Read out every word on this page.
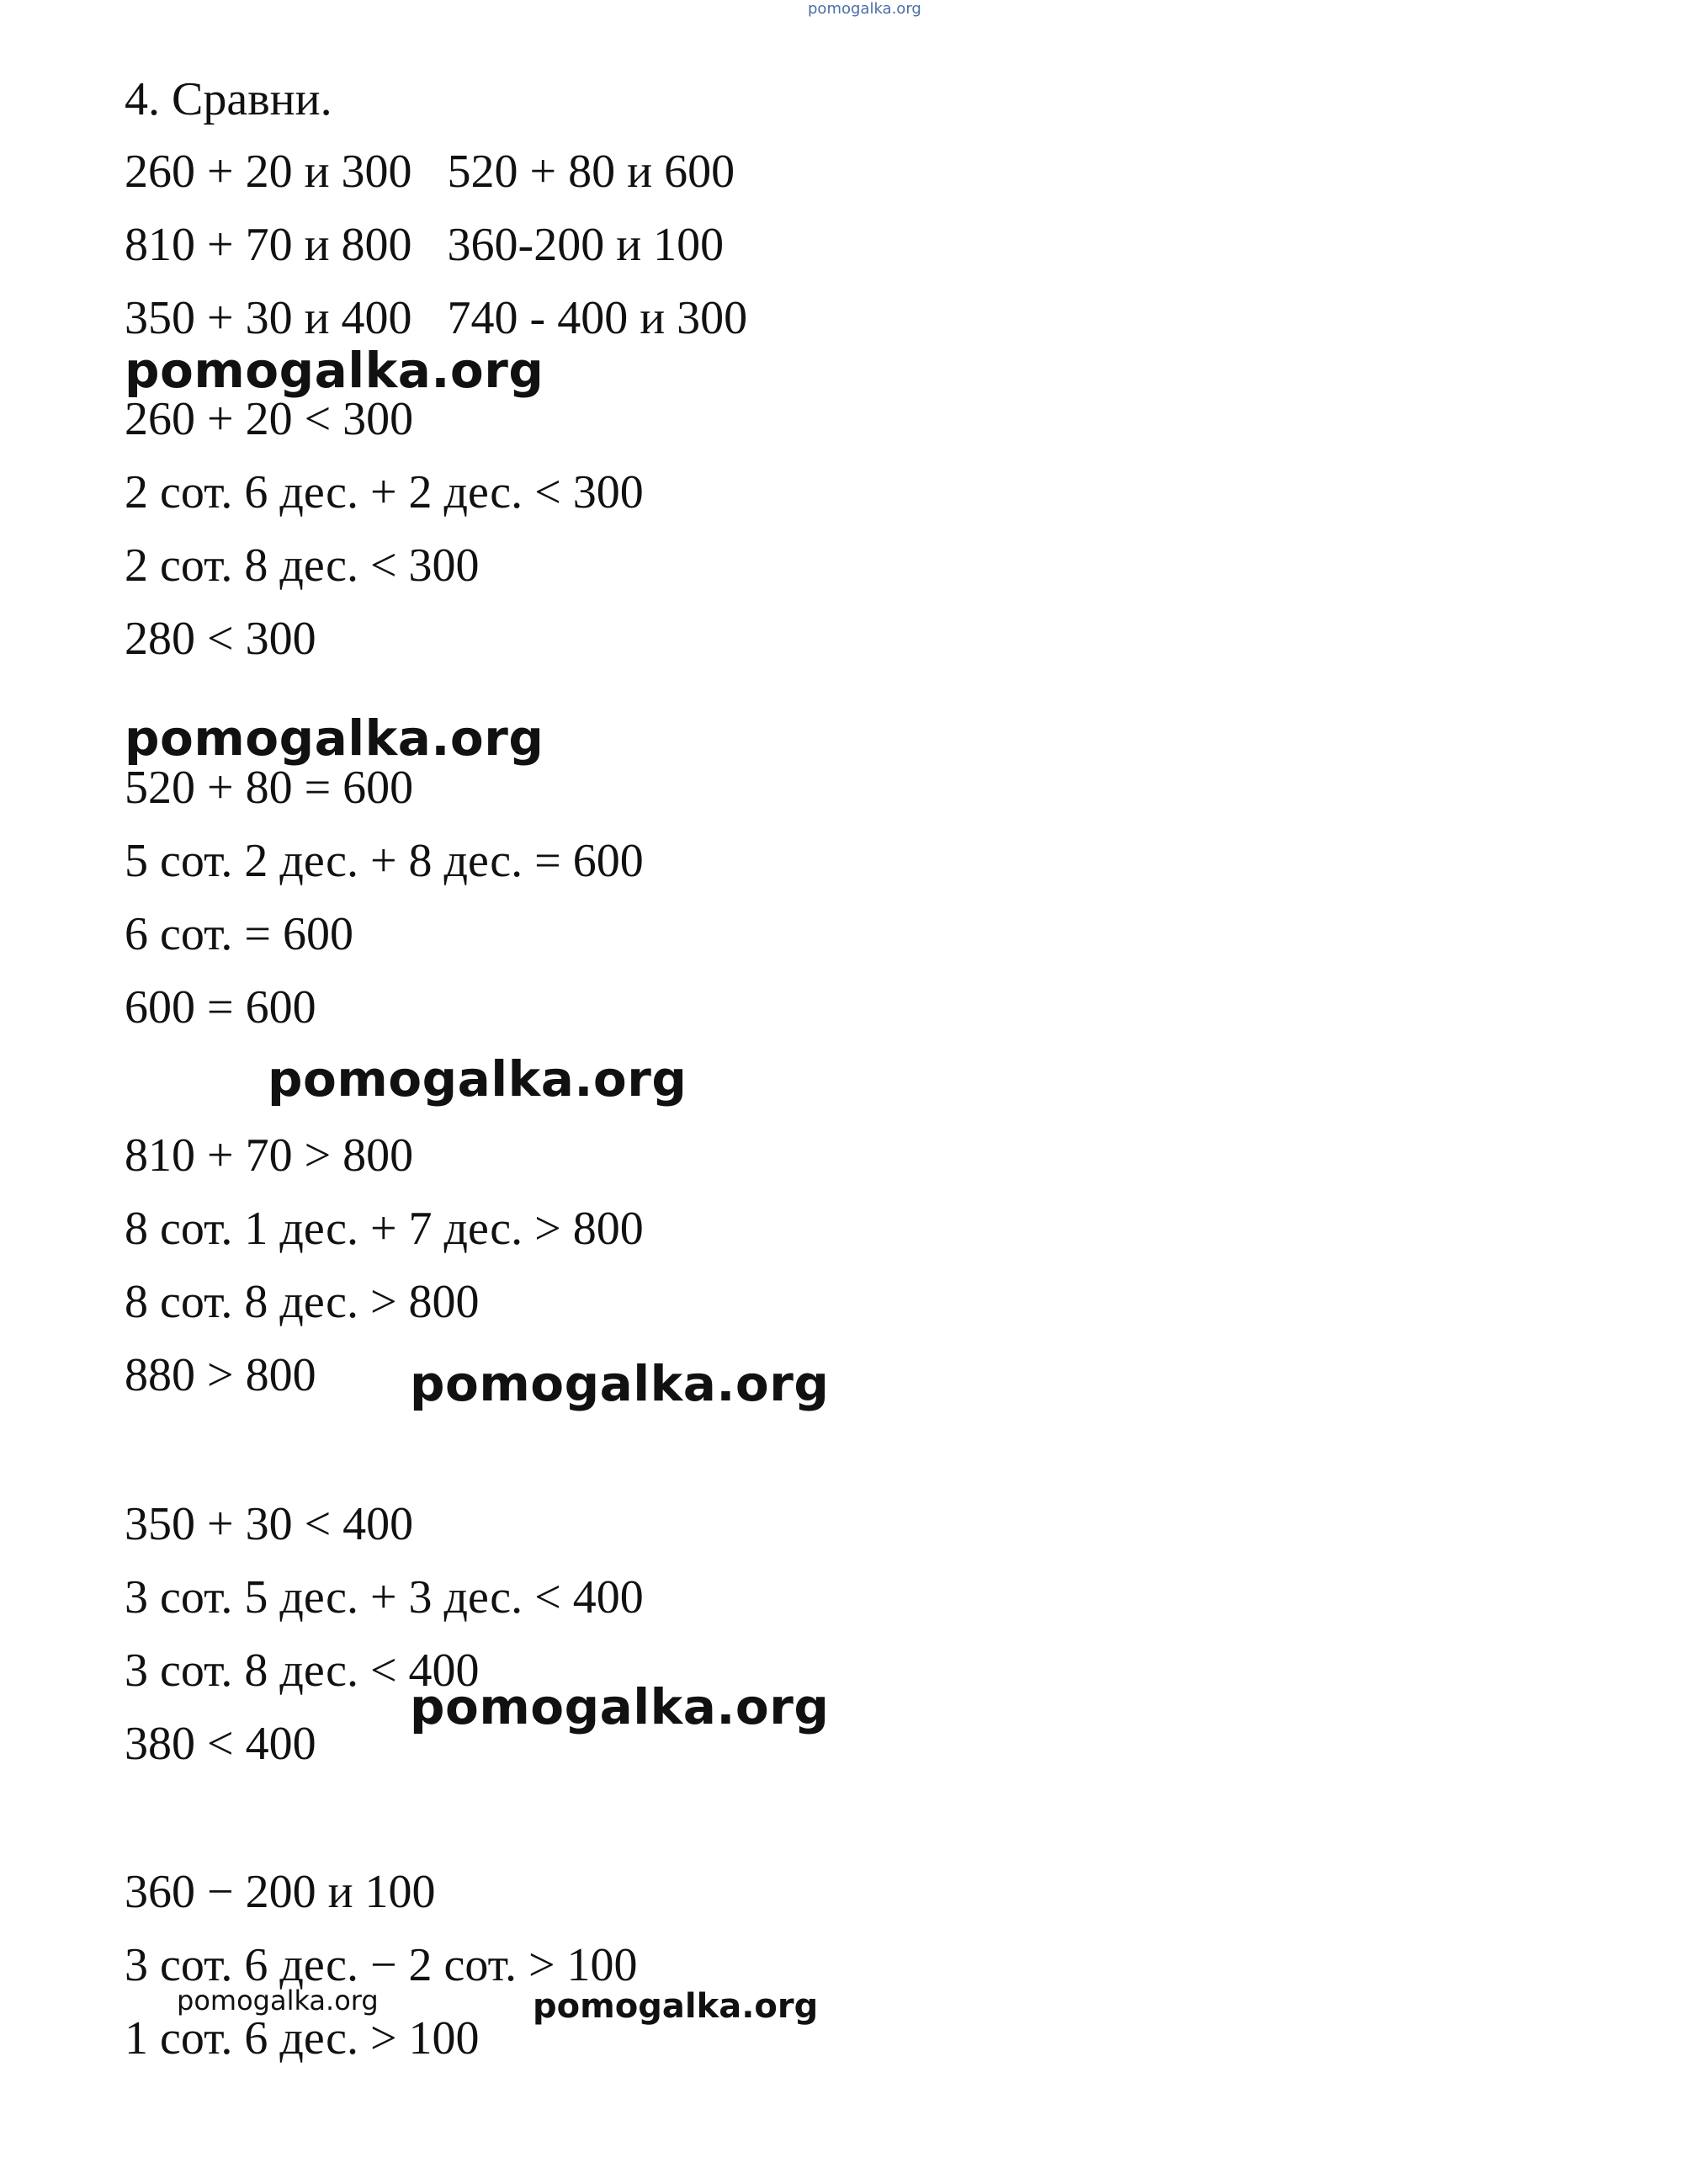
pomogalka.org
4. Сравни.
260 + 20 и 300   520 + 80 и 600
810 + 70 и 800   360-200 и 100
350 + 30 и 400   740 - 400 и 300
pomogalka.org
260 + 20 < 300
2 сот. 6 дес. + 2 дес. < 300
2 сот. 8 дес. < 300
280 < 300
pomogalka.org
520 + 80 = 600
5 сот. 2 дес. + 8 дес. = 600
6 сот. = 600
600 = 600
pomogalka.org
810 + 70 > 800
8 сот. 1 дес. + 7 дес. > 800
8 сот. 8 дес. > 800
880 > 800 pomogalka.org
350 + 30 < 400
3 сот. 5 дес. + 3 дес. < 400
3 сот. 8 дес. < 400
380 < 400
pomogalka.org
360 − 200 и 100
3 сот. 6 дес. − 2 сот. > 100
1 сот. 6 дес. > 100
pomogalka.org	pomogalka.org
